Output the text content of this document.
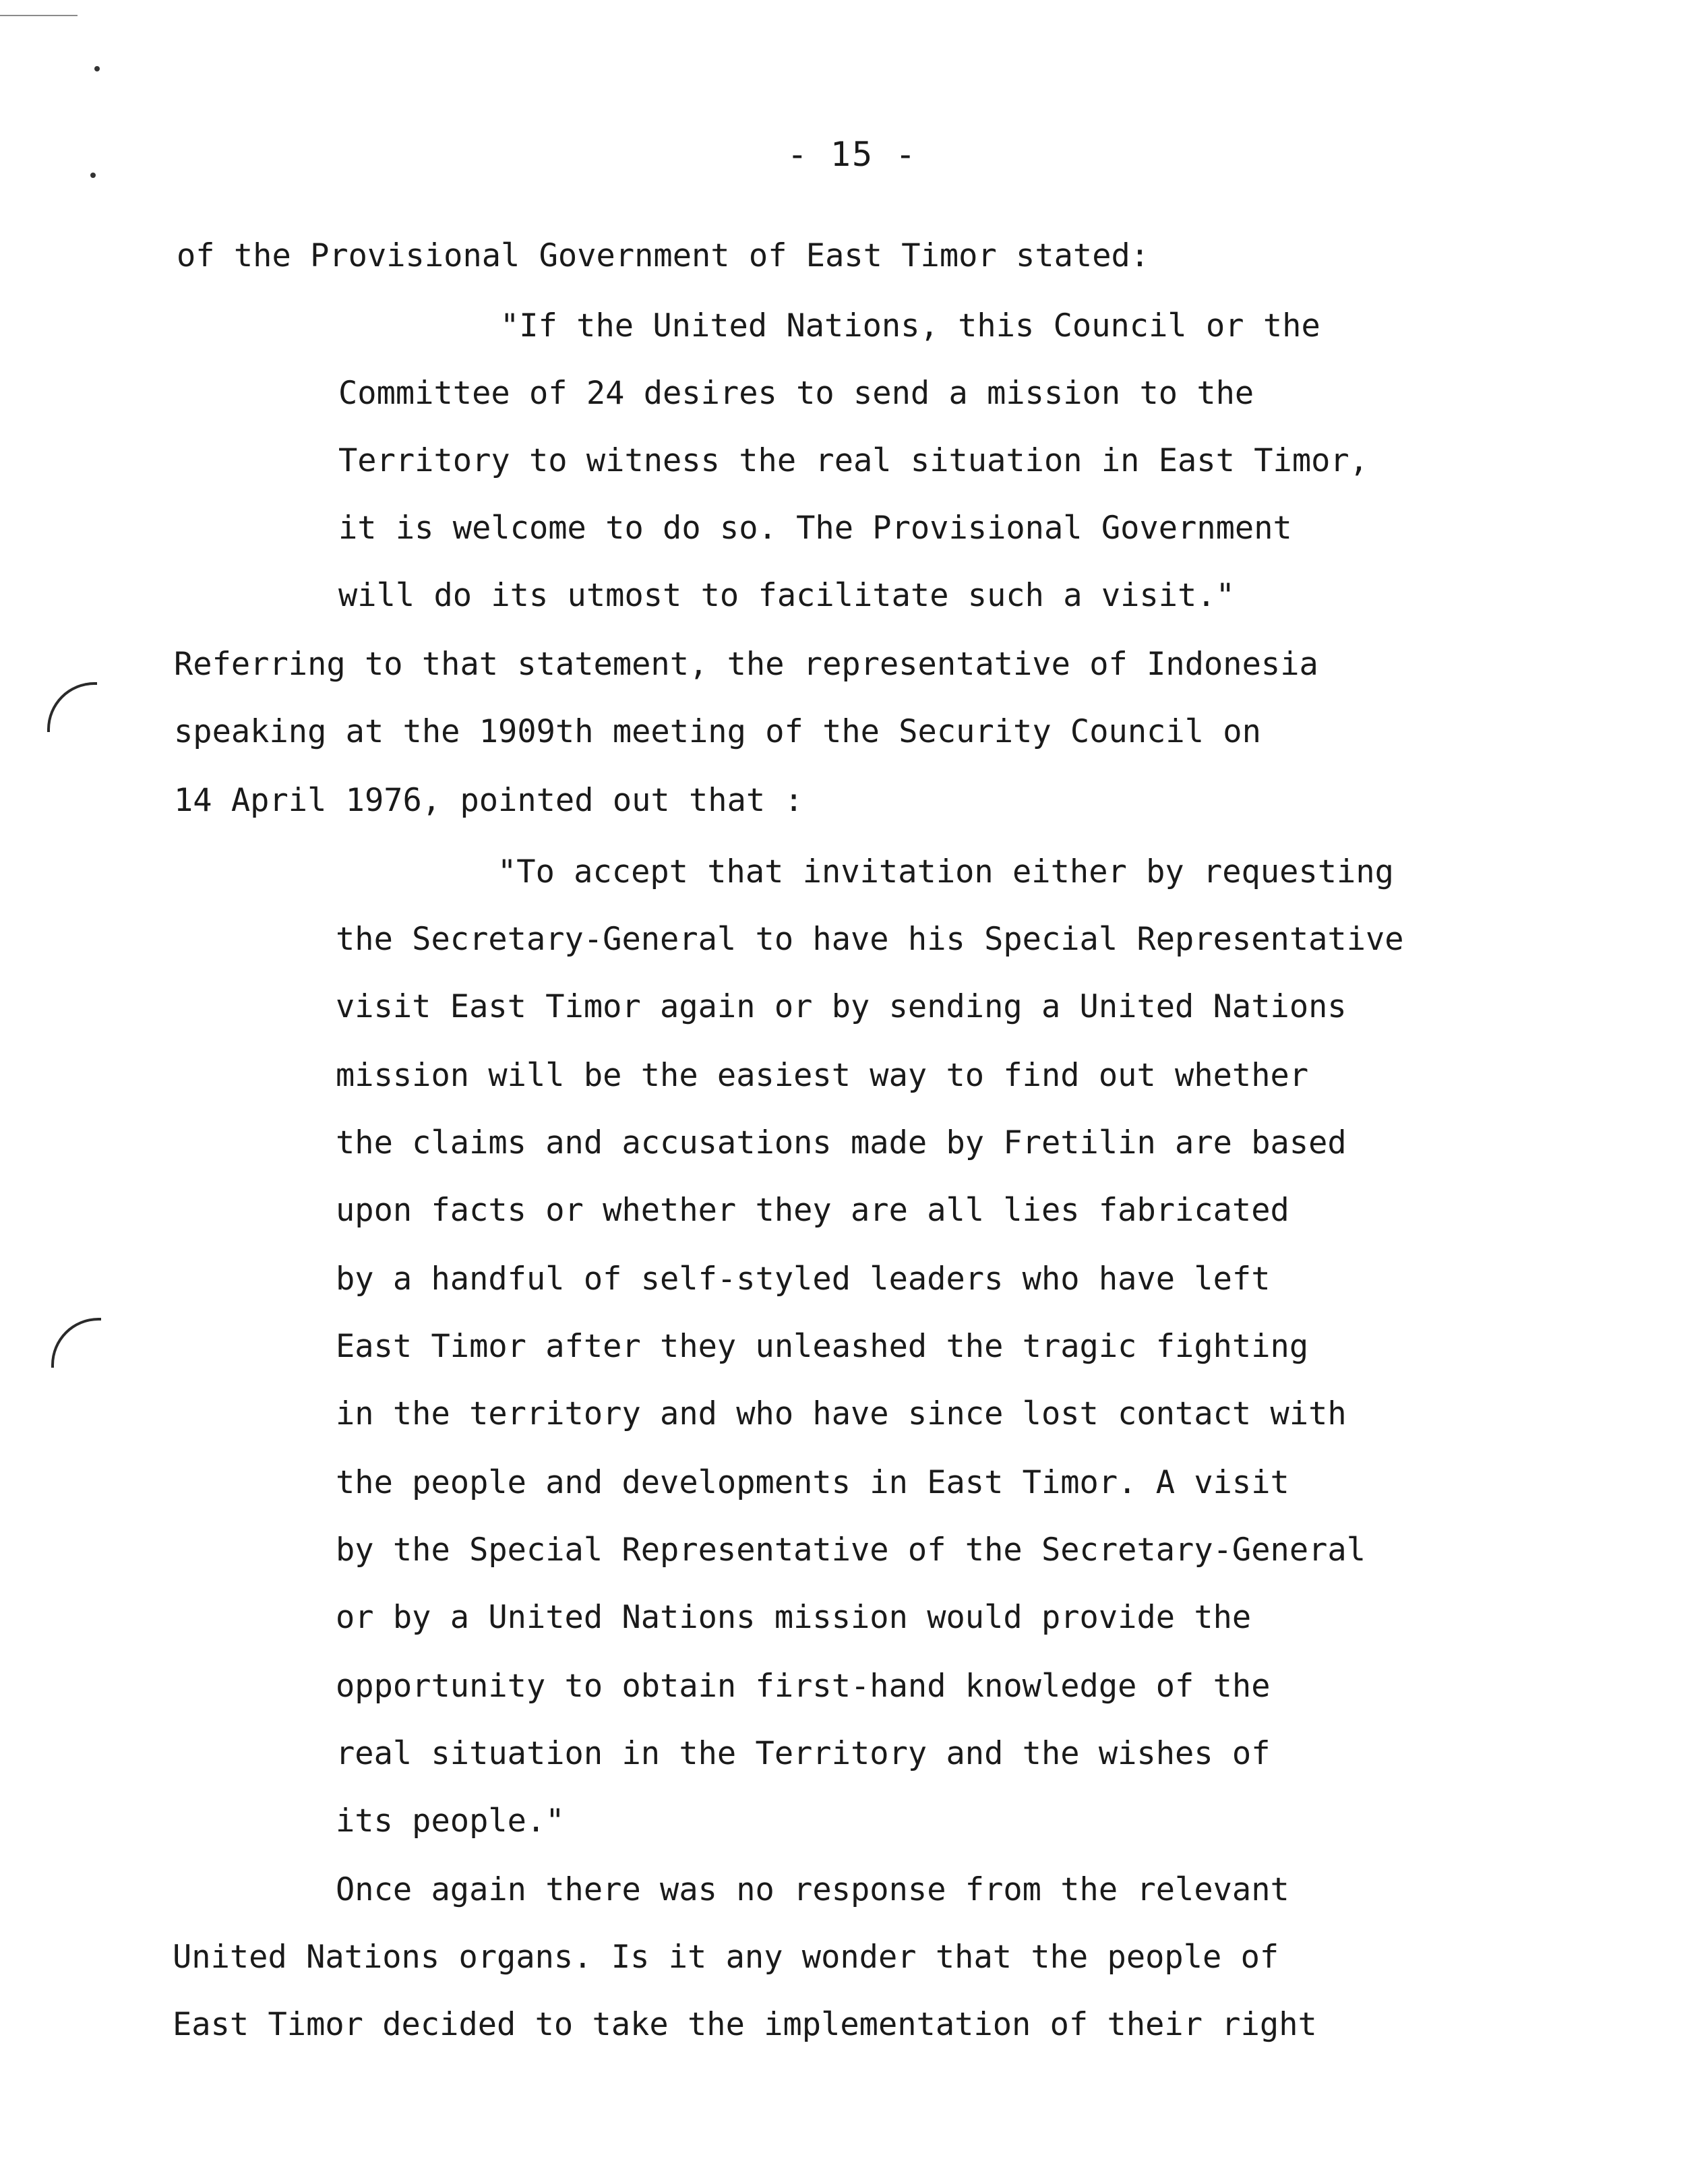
- 15 -
of the Provisional Government of East Timor stated:
"If the United Nations, this Council or the
Committee of 24 desires to send a mission to the
Territory to witness the real situation in East Timor,
it is welcome to do so. The Provisional Government
will do its utmost to facilitate such a visit."
Referring to that statement, the representative of Indonesia
speaking at the 1909th meeting of the Security Council on
14 April 1976, pointed out that :
"To accept that invitation either by requesting
the Secretary-General to have his Special Representative
visit East Timor again or by sending a United Nations
mission will be the easiest way to find out whether
the claims and accusations made by Fretilin are based
upon facts or whether they are all lies fabricated
by a handful of self-styled leaders who have left
East Timor after they unleashed the tragic fighting
in the territory and who have since lost contact with
the people and developments in East Timor. A visit
by the Special Representative of the Secretary-General
or by a United Nations mission would provide the
opportunity to obtain first-hand knowledge of the
real situation in the Territory and the wishes of
its people."
Once again there was no response from the relevant
United Nations organs. Is it any wonder that the people of
East Timor decided to take the implementation of their right
